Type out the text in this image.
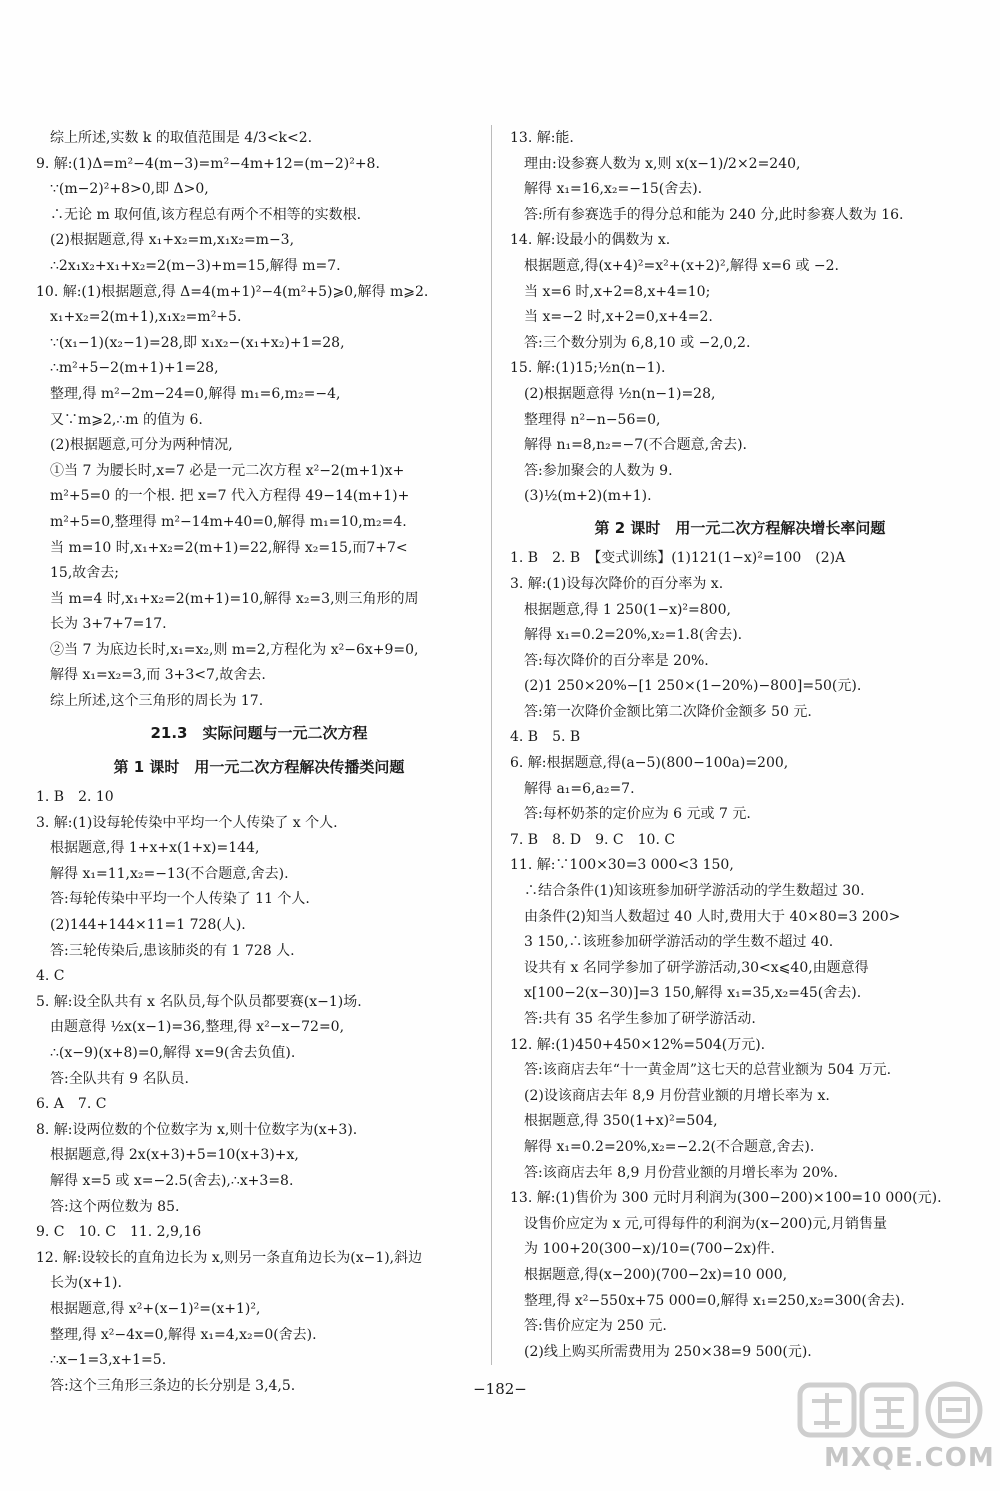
综上所述,实数 k 的取值范围是 4/3<k<2.
9. 解:(1)Δ=m²−4(m−3)=m²−4m+12=(m−2)²+8.
∵(m−2)²+8>0,即 Δ>0,
∴无论 m 取何值,该方程总有两个不相等的实数根.
(2)根据题意,得 x₁+x₂=m,x₁x₂=m−3,
∴2x₁x₂+x₁+x₂=2(m−3)+m=15,解得 m=7.
10. 解:(1)根据题意,得 Δ=4(m+1)²−4(m²+5)⩾0,解得 m⩾2.
x₁+x₂=2(m+1),x₁x₂=m²+5.
∵(x₁−1)(x₂−1)=28,即 x₁x₂−(x₁+x₂)+1=28,
∴m²+5−2(m+1)+1=28,
整理,得 m²−2m−24=0,解得 m₁=6,m₂=−4,
又∵m⩾2,∴m 的值为 6.
(2)根据题意,可分为两种情况,
①当 7 为腰长时,x=7 必是一元二次方程 x²−2(m+1)x+
m²+5=0 的一个根. 把 x=7 代入方程得 49−14(m+1)+
m²+5=0,整理得 m²−14m+40=0,解得 m₁=10,m₂=4.
当 m=10 时,x₁+x₂=2(m+1)=22,解得 x₂=15,而7+7<
15,故舍去;
当 m=4 时,x₁+x₂=2(m+1)=10,解得 x₂=3,则三角形的周
长为 3+7+7=17.
②当 7 为底边长时,x₁=x₂,则 m=2,方程化为 x²−6x+9=0,
解得 x₁=x₂=3,而 3+3<7,故舍去.
综上所述,这个三角形的周长为 17.
21.3　实际问题与一元二次方程
第 1 课时　用一元二次方程解决传播类问题
1. B　2. 10
3. 解:(1)设每轮传染中平均一个人传染了 x 个人.
根据题意,得 1+x+x(1+x)=144,
解得 x₁=11,x₂=−13(不合题意,舍去).
答:每轮传染中平均一个人传染了 11 个人.
(2)144+144×11=1 728(人).
答:三轮传染后,患该肺炎的有 1 728 人.
4. C
5. 解:设全队共有 x 名队员,每个队员都要赛(x−1)场.
由题意得 ½x(x−1)=36,整理,得 x²−x−72=0,
∴(x−9)(x+8)=0,解得 x=9(舍去负值).
答:全队共有 9 名队员.
6. A　7. C
8. 解:设两位数的个位数字为 x,则十位数字为(x+3).
根据题意,得 2x(x+3)+5=10(x+3)+x,
解得 x=5 或 x=−2.5(舍去),∴x+3=8.
答:这个两位数为 85.
9. C　10. C　11. 2,9,16
12. 解:设较长的直角边长为 x,则另一条直角边长为(x−1),斜边
长为(x+1).
根据题意,得 x²+(x−1)²=(x+1)²,
整理,得 x²−4x=0,解得 x₁=4,x₂=0(舍去).
∴x−1=3,x+1=5.
答:这个三角形三条边的长分别是 3,4,5.
13. 解:能.
理由:设参赛人数为 x,则 x(x−1)/2×2=240,
解得 x₁=16,x₂=−15(舍去).
答:所有参赛选手的得分总和能为 240 分,此时参赛人数为 16.
14. 解:设最小的偶数为 x.
根据题意,得(x+4)²=x²+(x+2)²,解得 x=6 或 −2.
当 x=6 时,x+2=8,x+4=10;
当 x=−2 时,x+2=0,x+4=2.
答:三个数分别为 6,8,10 或 −2,0,2.
15. 解:(1)15;½n(n−1).
(2)根据题意得 ½n(n−1)=28,
整理得 n²−n−56=0,
解得 n₁=8,n₂=−7(不合题意,舍去).
答:参加聚会的人数为 9.
(3)½(m+2)(m+1).
第 2 课时　用一元二次方程解决增长率问题
1. B　2. B　【变式训练】(1)121(1−x)²=100　(2)A
3. 解:(1)设每次降价的百分率为 x.
根据题意,得 1 250(1−x)²=800,
解得 x₁=0.2=20%,x₂=1.8(舍去).
答:每次降价的百分率是 20%.
(2)1 250×20%−[1 250×(1−20%)−800]=50(元).
答:第一次降价金额比第二次降价金额多 50 元.
4. B　5. B
6. 解:根据题意,得(a−5)(800−100a)=200,
解得 a₁=6,a₂=7.
答:每杯奶茶的定价应为 6 元或 7 元.
7. B　8. D　9. C　10. C
11. 解:∵100×30=3 000<3 150,
∴结合条件(1)知该班参加研学游活动的学生数超过 30.
由条件(2)知当人数超过 40 人时,费用大于 40×80=3 200>
3 150,∴该班参加研学游活动的学生数不超过 40.
设共有 x 名同学参加了研学游活动,30<x⩽40,由题意得
x[100−2(x−30)]=3 150,解得 x₁=35,x₂=45(舍去).
答:共有 35 名学生参加了研学游活动.
12. 解:(1)450+450×12%=504(万元).
答:该商店去年“十一黄金周”这七天的总营业额为 504 万元.
(2)设该商店去年 8,9 月份营业额的月增长率为 x.
根据题意,得 350(1+x)²=504,
解得 x₁=0.2=20%,x₂=−2.2(不合题意,舍去).
答:该商店去年 8,9 月份营业额的月增长率为 20%.
13. 解:(1)售价为 300 元时月利润为(300−200)×100=10 000(元).
设售价应定为 x 元,可得每件的利润为(x−200)元,月销售量
为 100+20(300−x)/10=(700−2x)件.
根据题意,得(x−200)(700−2x)=10 000,
整理,得 x²−550x+75 000=0,解得 x₁=250,x₂=300(舍去).
答:售价应定为 250 元.
(2)线上购买所需费用为 250×38=9 500(元).
−182−
MXQE.COM
